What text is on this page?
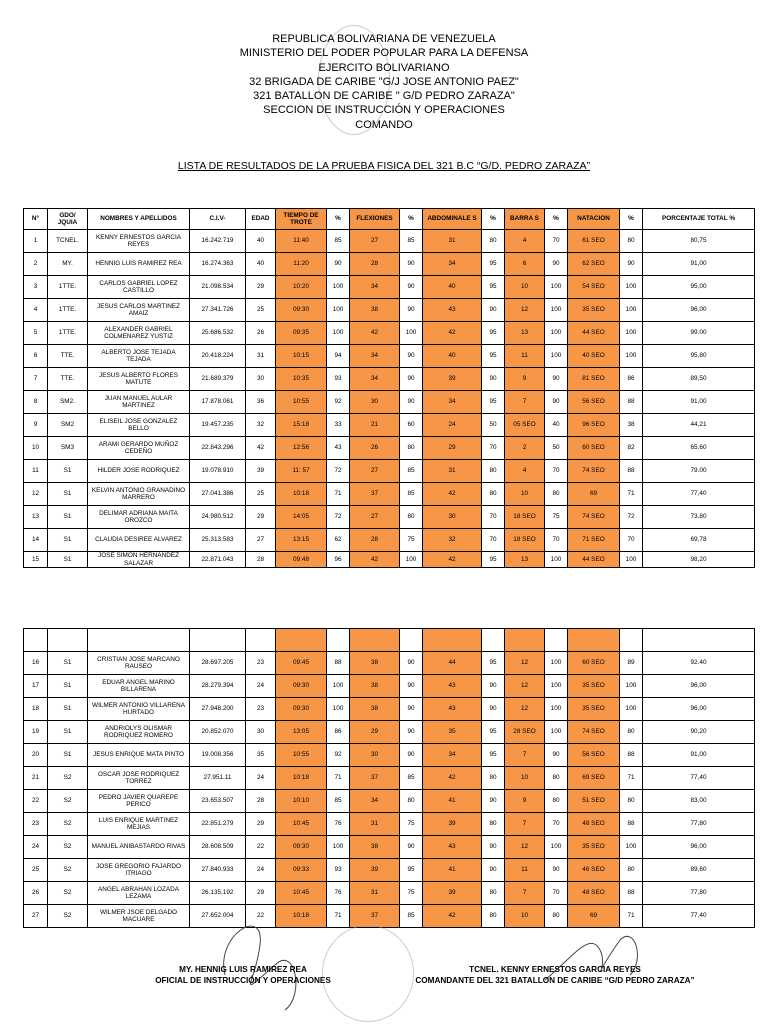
REPUBLICA BOLIVARIANA DE VENEZUELA
MINISTERIO DEL PODER POPULAR PARA LA DEFENSA
EJERCITO BOLIVARIANO
32 BRIGADA DE CARIBE "G/J JOSE ANTONIO PAEZ"
321 BATALLON DE CARIBE " G/D PEDRO ZARAZA"
SECCION DE INSTRUCCIÓN Y OPERACIONES
COMANDO
LISTA DE RESULTADOS DE LA PRUEBA FISICA DEL 321 B.C “G/D. PEDRO ZARAZA”
N°	GDO/ JQUIA	NOMBRES Y APELLIDOS	C.I.V-	EDAD	TIEMPO DE TROTE	%	FLEXIONES	%	ABDOMINALE S	%	BARRA S	%	NATACION	%	PORCENTAJE TOTAL %
1	TCNEL.	KENNY ERNESTOS GARCIA REYES	16.242.719	40	11:40	85	27	85	31	80	4	70	61 SEO	80	80,75
2	MY.	HENNIG LUIS RAMIREZ REA	16.274.363	40	11:20	90	28	90	34	95	6	90	62 SEO	90	91,00
3	1TTE.	CARLOS GABRIEL LOPEZ CASTILLO	21.098.534	29	10:20	100	34	90	40	95	10	100	54 SEO	100	95,00
4	1TTE.	JESUS CARLOS MARTINEZ AMAIZ	27.341.726	25	09:30	100	38	90	43	90	12	100	35 SEO	100	96,00
5	1TTE.	ALEXANDER GABRIEL COLMENAREZ YUSTIZ	25.686.532	26	09:35	100	42	100	42	95	13	100	44 SEO	100	99.00
6	TTE.	ALBERTO JOSE TEJADA TEJADA	20.418.224	31	10:15	94	34	90	40	95	11	100	40 SEO	100	95,80
7	TTE.	JESUS ALBERTO FLORES MATUTE	21.689.379	30	10:35	93	34	90	39	90	9	90	81 SEO	86	89,50
8	SM2.	JUAN MANUEL AULAR MARTINEZ	17.878.061	36	10:55	92	30	90	34	95	7	90	56 SEO	88	91,00
9	SM2	ELISEIL JOSE GONZALEZ BELLO	19.457.235	32	15:18	33	21	60	24	50	05 SEO	40	96 SEO	38	44,21
10	SM3	ARAMI GERARDO MUÑOZ CEDEÑO	22.843.296	42	12:56	43	26	80	29	70	2	50	60 SEO	82	65.60
11	S1	HILDER JOSE RODRIQUEZ	19.078.910	39	11: 57	72	27	85	31	80	4	70	74 SEO	88	79.00
12	S1	KELVIN ANTONIO GRANADINO MARRERO	27.041.386	25	10:18	71	37	85	42	80	10	80	69	71	77,40
13	S1	DELIMAR ADRIANA MAITA OROZCO	24.980.512	29	14:05	72	27	80	30	70	18 SEO	75	74 SEO	72	73,80
14	S1	CLAUDIA DESIREE ALVAREZ	25.313.583	27	13:15	62	28	75	32	70	18 SEO	70	71 SEO	70	69,78
15	S1	JOSE SIMON HERNANDEZ SALAZAR	22.871.043	28	09:48	96	42	100	42	95	13	100	44 SEO	100	98,20

16	S1	CRISTIAN JOSE MARCANO RAUSEO	28.697.205	23	09:45	88	38	90	44	95	12	100	60 SEO	89	92.40
17	S1	EDUAR ANGEL MARINO BILLARENA	28.279.394	24	09:30	100	38	90	43	90	12	100	35 SEO	100	96,00
18	S1	WILMER ANTONIO VILLARENA HURTADO	27.948.200	23	09:30	100	38	90	43	90	12	100	35 SEO	100	96,00
19	S1	ANDRIOLYS OLISMAR RODRIQUEZ ROMERO	20.852.070	30	13:05	86	29	90	35	95	28 SEO	100	74 SEO	80	90,20
20	S1	JESUS ENRIQUE MATA PINTO	19.008.356	35	10:55	92	30	90	34	95	7	90	56 SEO	88	91,00
21	S2	OSCAR JOSE RODRIQUEZ TORREZ	27.951.11	24	10:18	71	37	85	42	80	10	80	69 SEO	71	77,40
22	S2	PEDRO JAVIER QUAREPE PERICO	23.653.507	28	10:10	85	34	80	41	90	9	80	51 SEO	80	83,00
23	S2	LUIS ENRIQUE MARTINEZ MEJIAS	22.851.279	29	10:45	76	31	75	39	80	7	70	48 SEO	88	77,80
24	S2	MANUEL ANIBASTARDO RIVAS	28.608.509	22	09:30	100	38	90	43	90	12	100	35 SEO	100	96,00
25	S2	JOSE GREGORIO FAJARDO ITRIAGO	27.840.933	24	09:33	93	39	95	41	90	11	90	46 SEO	80	89,60
26	S2	ANGEL ABRAHAN LOZADA LEZAMA	26.135.192	29	10:45	76	31	75	39	80	7	70	48 SEO	88	77,80
27	S2	WILMER JSOE DELGADO MACUARE	27.652.004	22	10:18	71	37	85	42	80	10	80	69	71	77,40
MY. HENNIG LUIS RAMIREZ REA
OFICIAL DE INSTRUCCIÓN Y OPERACIONES
TCNEL. KENNY ERNESTOS GARCIA REYES
COMANDANTE DEL 321 BATALLON DE CARIBE “G/D PEDRO ZARAZA”
